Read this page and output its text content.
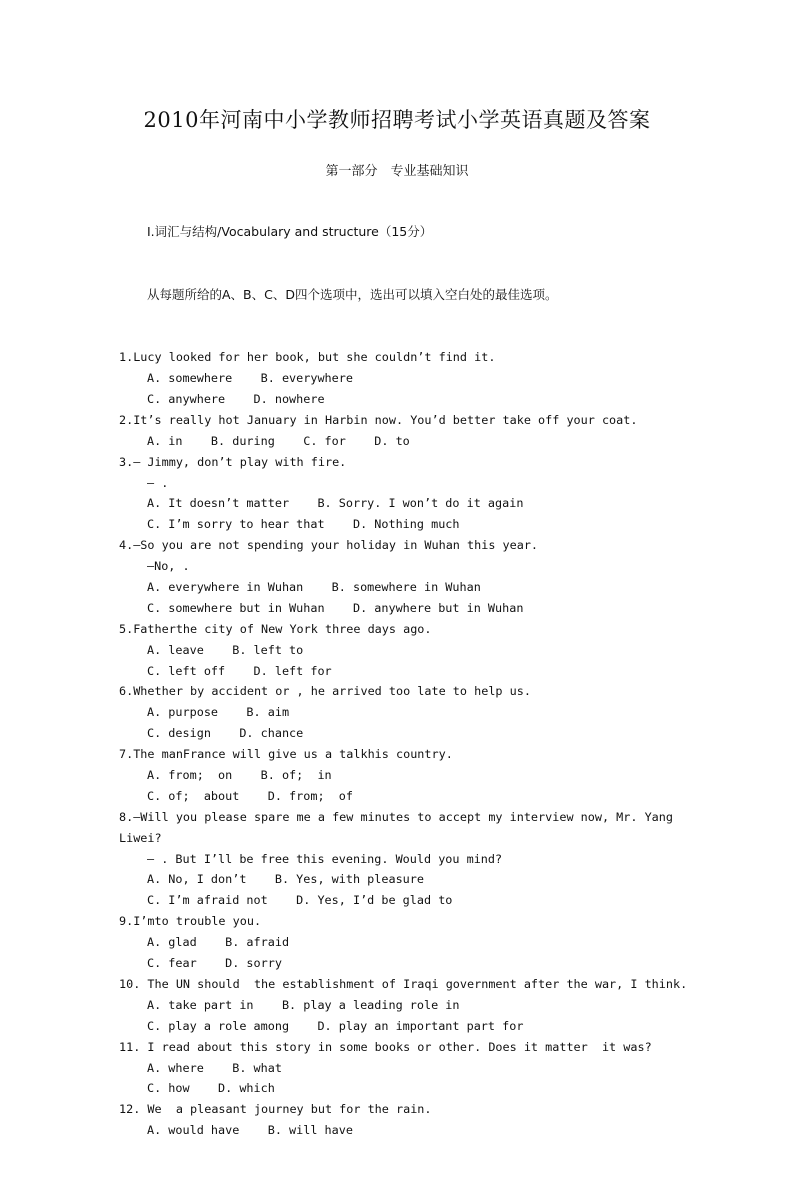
2010年河南中小学教师招聘考试小学英语真题及答案
第一部分　专业基础知识

Ⅰ.词汇与结构/Vocabulary and structure（15分）

从每题所给的A、B、C、D四个选项中，选出可以填入空白处的最佳选项。

1.Lucy looked for her book, but she couldn’t find it.
A. somewhere    B. everywhere
C. anywhere    D. nowhere
2.It’s really hot January in Harbin now. You’d better take off your coat.
A. in    B. during    C. for    D. to
3.— Jimmy, don’t play with fire.
— .
A. It doesn’t matter    B. Sorry. I won’t do it again
C. I’m sorry to hear that    D. Nothing much
4.—So you are not spending your holiday in Wuhan this year.
—No, .
A. everywhere in Wuhan    B. somewhere in Wuhan
C. somewhere but in Wuhan    D. anywhere but in Wuhan
5.Fatherthe city of New York three days ago.
A. leave    B. left to
C. left off    D. left for
6.Whether by accident or , he arrived too late to help us.
A. purpose    B. aim
C. design    D. chance
7.The manFrance will give us a talkhis country.
A. from;  on    B. of;  in
C. of;  about    D. from;  of
8.—Will you please spare me a few minutes to accept my interview now, Mr. Yang
Liwei?
— . But I’ll be free this evening. Would you mind?
A. No, I don’t    B. Yes, with pleasure
C. I’m afraid not    D. Yes, I’d be glad to
9.I’mto trouble you.
A. glad    B. afraid
C. fear    D. sorry
10. The UN should  the establishment of Iraqi government after the war, I think.
A. take part in    B. play a leading role in
C. play a role among    D. play an important part for
11. I read about this story in some books or other. Does it matter  it was?
A. where    B. what
C. how    D. which
12. We  a pleasant journey but for the rain.
A. would have    B. will have
